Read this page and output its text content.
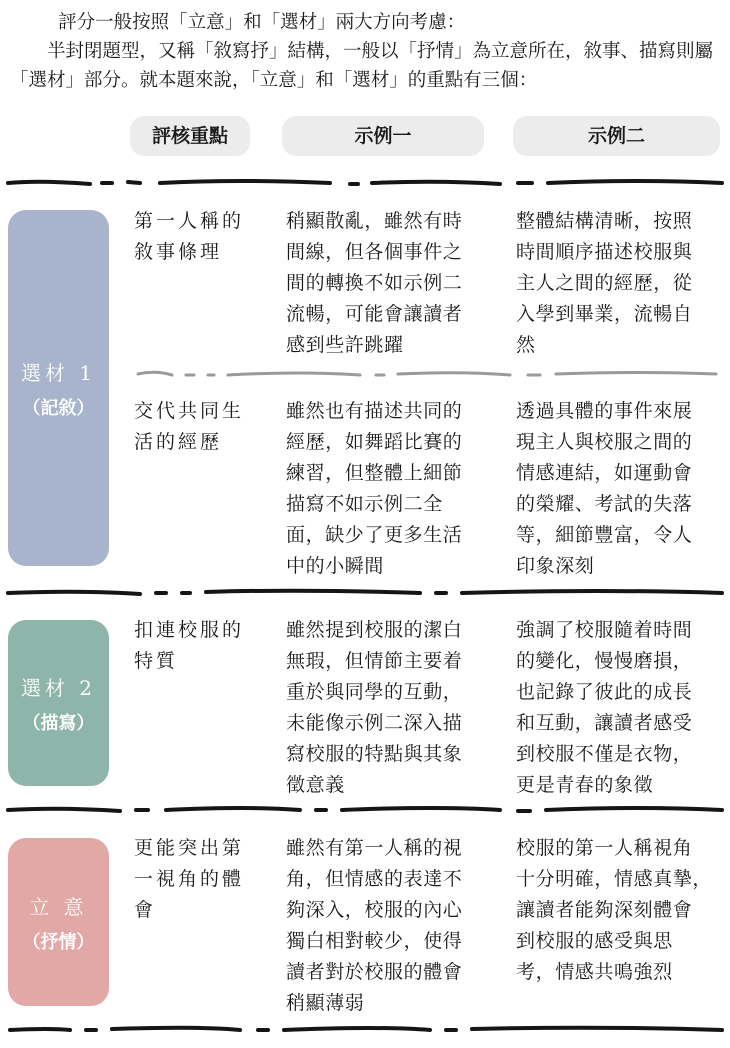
評分一般按照「立意」和「選材」兩大方向考慮：

半封閉題型，又稱「敘寫抒」結構，一般以「抒情」為立意所在，敘事、描寫則屬「選材」部分。就本題來說，「立意」和「選材」的重點有三個：

評核重點	示例一	示例二
選材 1
（記敘）
選材 2
（描寫）
立 意
（抒情）
第一人稱的
敘事條理
稍顯散亂，雖然有時
間線，但各個事件之
間的轉換不如示例二
流暢，可能會讓讀者
感到些許跳躍
整體結構清晰，按照
時間順序描述校服與
主人之間的經歷，從
入學到畢業，流暢自
然
交代共同生
活的經歷
雖然也有描述共同的
經歷，如舞蹈比賽的
練習，但整體上細節
描寫不如示例二全
面，缺少了更多生活
中的小瞬間
透過具體的事件來展
現主人與校服之間的
情感連結，如運動會
的榮耀、考試的失落
等，細節豐富，令人
印象深刻
扣連校服的
特質
雖然提到校服的潔白
無瑕，但情節主要着
重於與同學的互動，
未能像示例二深入描
寫校服的特點與其象
徵意義
強調了校服隨着時間
的變化，慢慢磨損，
也記錄了彼此的成長
和互動，讓讀者感受
到校服不僅是衣物，
更是青春的象徵
更能突出第
一視角的體
會
雖然有第一人稱的視
角，但情感的表達不
夠深入，校服的內心
獨白相對較少，使得
讀者對於校服的體會
稍顯薄弱
校服的第一人稱視角
十分明確，情感真摯，
讓讀者能夠深刻體會
到校服的感受與思
考，情感共鳴強烈
